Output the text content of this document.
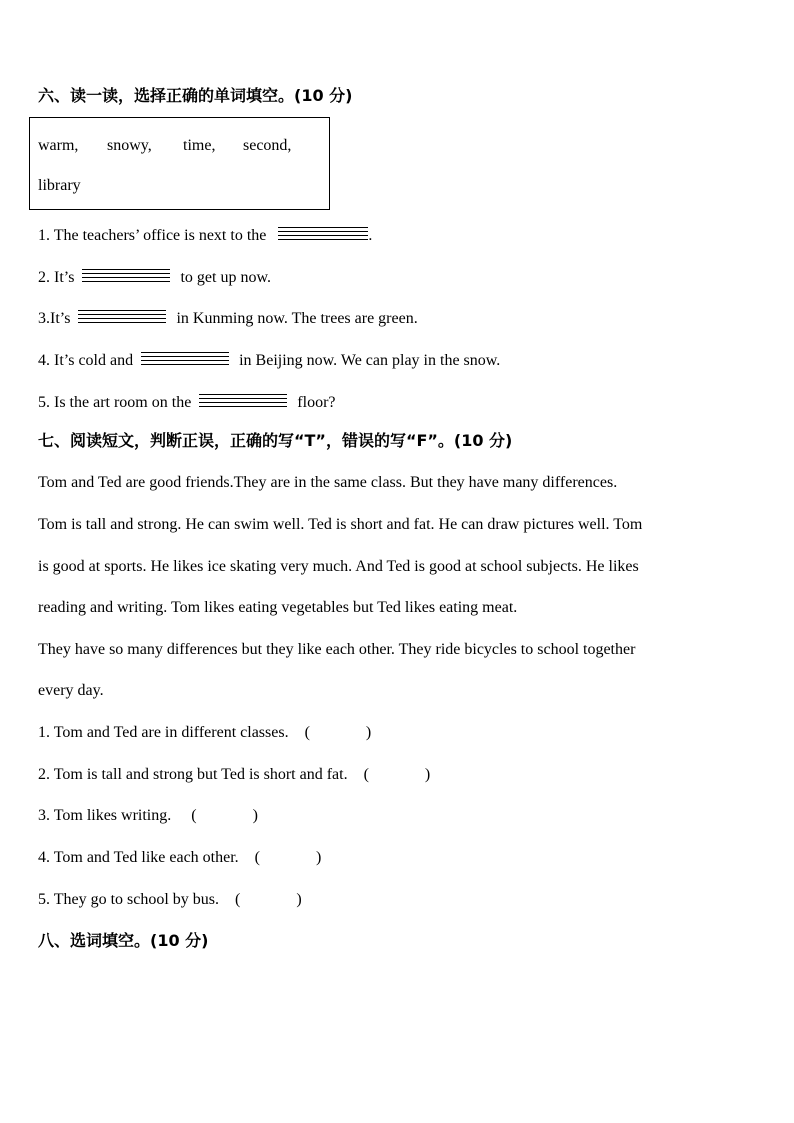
六、读一读，选择正确的单词填空。(10 分)
warm, snowy, time, second,
library
1. The teachers’ office is next to the	.
2. It’s	to get up now.
3.It’s	in Kunming now. The trees are green.
4. It’s cold and	in Beijing now. We can play in the snow.
5. Is the art room on the	floor?
七、阅读短文，判断正误，正确的写“T”，错误的写“F”。(10 分)
Tom and Ted are good friends.They are in the same class. But they have many differences.
Tom is tall and strong. He can swim well. Ted is short and fat. He can draw pictures well. Tom
is good at sports. He likes ice skating very much. And Ted is good at school subjects. He likes
reading and writing. Tom likes eating vegetables but Ted likes eating meat.
They have so many differences but they like each other. They ride bicycles to school together
every day.
1. Tom and Ted are in different classes. (	)
2. Tom is tall and strong but Ted is short and fat. (	)
3. Tom likes writing. (	)
4. Tom and Ted like each other. (	)
5. They go to school by bus. (	)
八、选词填空。(10 分)
